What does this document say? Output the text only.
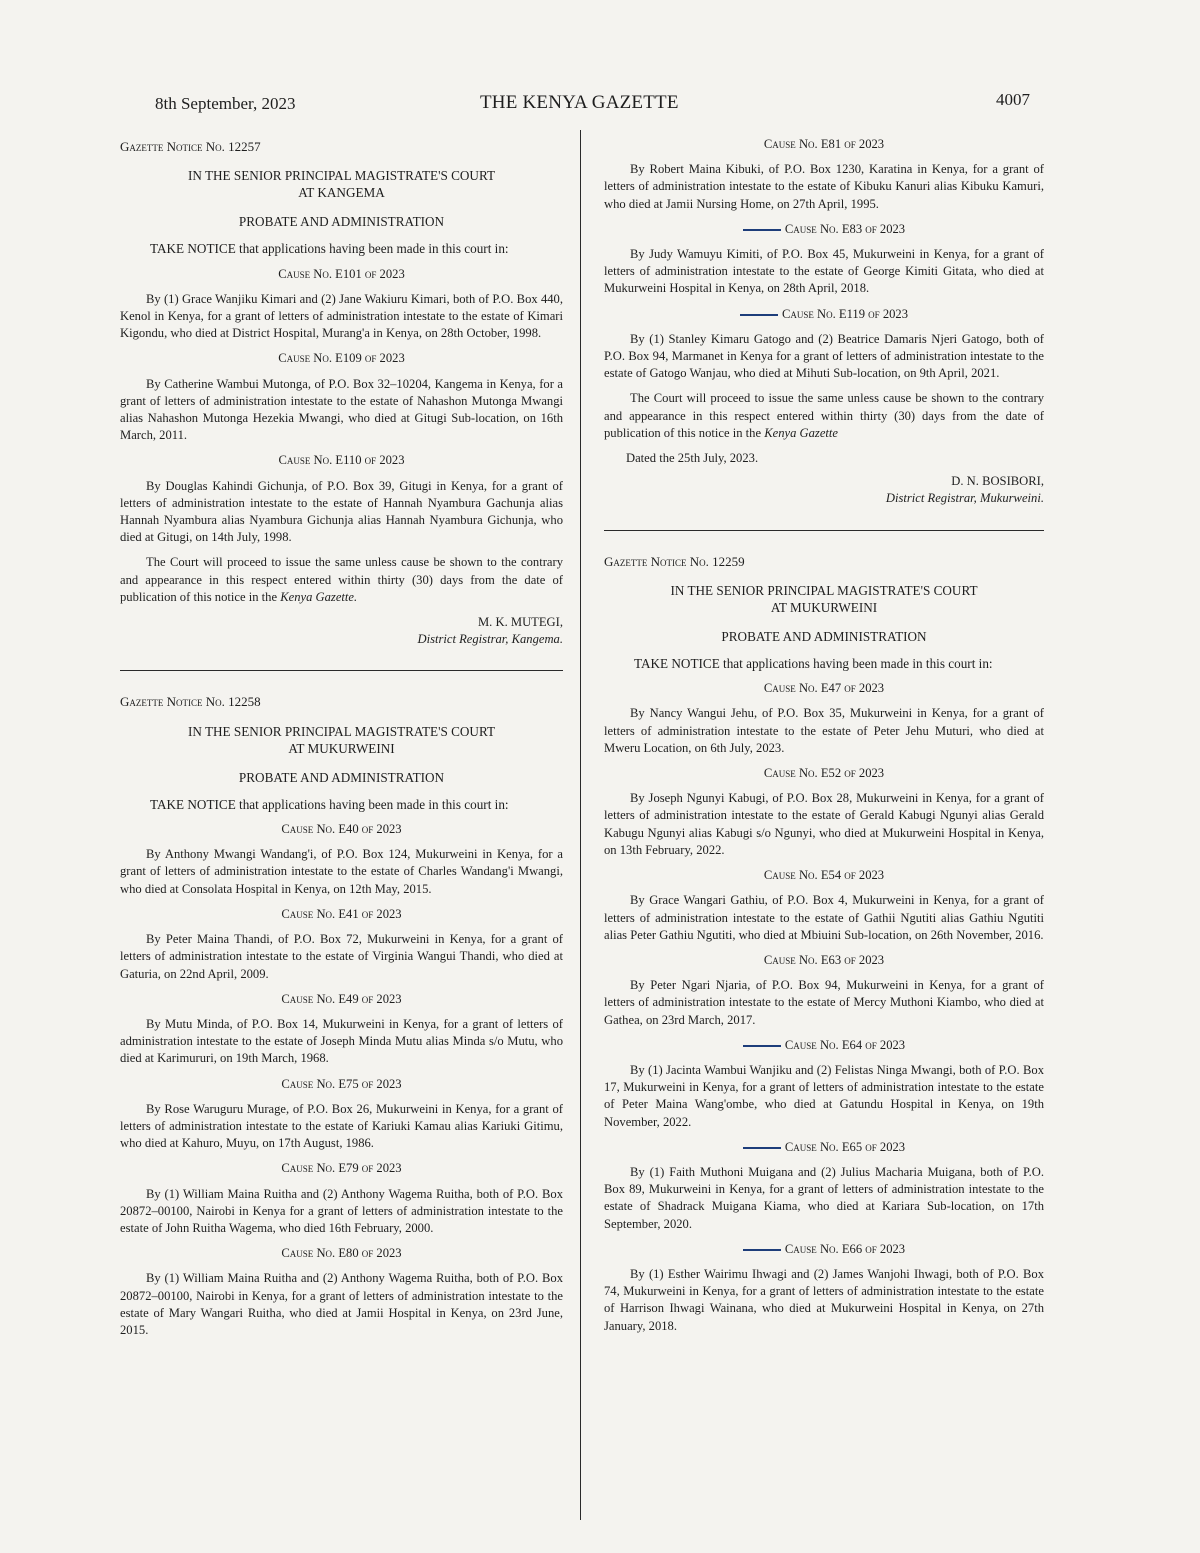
8th September, 2023	THE KENYA GAZETTE	4007
Gazette Notice No. 12257
IN THE SENIOR PRINCIPAL MAGISTRATE'S COURT
AT KANGEMA
PROBATE AND ADMINISTRATION

TAKE NOTICE that applications having been made in this court in:

Cause No. E101 of 2023

By (1) Grace Wanjiku Kimari and (2) Jane Wakiuru Kimari, both of P.O. Box 440, Kenol in Kenya, for a grant of letters of administration intestate to the estate of Kimari Kigondu, who died at District Hospital, Murang'a in Kenya, on 28th October, 1998.

Cause No. E109 of 2023

By Catherine Wambui Mutonga, of P.O. Box 32–10204, Kangema in Kenya, for a grant of letters of administration intestate to the estate of Nahashon Mutonga Mwangi alias Nahashon Mutonga Hezekia Mwangi, who died at Gitugi Sub-location, on 16th March, 2011.

Cause No. E110 of 2023

By Douglas Kahindi Gichunja, of P.O. Box 39, Gitugi in Kenya, for a grant of letters of administration intestate to the estate of Hannah Nyambura Gachunja alias Hannah Nyambura alias Nyambura Gichunja alias Hannah Nyambura Gichunja, who died at Gitugi, on 14th July, 1998.

The Court will proceed to issue the same unless cause be shown to the contrary and appearance in this respect entered within thirty (30) days from the date of publication of this notice in the Kenya Gazette.

M. K. MUTEGI,
District Registrar, Kangema.

Gazette Notice No. 12258
IN THE SENIOR PRINCIPAL MAGISTRATE'S COURT
AT MUKURWEINI
PROBATE AND ADMINISTRATION

TAKE NOTICE that applications having been made in this court in:

Cause No. E40 of 2023

By Anthony Mwangi Wandang'i, of P.O. Box 124, Mukurweini in Kenya, for a grant of letters of administration intestate to the estate of Charles Wandang'i Mwangi, who died at Consolata Hospital in Kenya, on 12th May, 2015.

Cause No. E41 of 2023

By Peter Maina Thandi, of P.O. Box 72, Mukurweini in Kenya, for a grant of letters of administration intestate to the estate of Virginia Wangui Thandi, who died at Gaturia, on 22nd April, 2009.

Cause No. E49 of 2023

By Mutu Minda, of P.O. Box 14, Mukurweini in Kenya, for a grant of letters of administration intestate to the estate of Joseph Minda Mutu alias Minda s/o Mutu, who died at Karimururi, on 19th March, 1968.

Cause No. E75 of 2023

By Rose Waruguru Murage, of P.O. Box 26, Mukurweini in Kenya, for a grant of letters of administration intestate to the estate of Kariuki Kamau alias Kariuki Gitimu, who died at Kahuro, Muyu, on 17th August, 1986.

Cause No. E79 of 2023

By (1) William Maina Ruitha and (2) Anthony Wagema Ruitha, both of P.O. Box 20872–00100, Nairobi in Kenya for a grant of letters of administration intestate to the estate of John Ruitha Wagema, who died 16th February, 2000.

Cause No. E80 of 2023

By (1) William Maina Ruitha and (2) Anthony Wagema Ruitha, both of P.O. Box 20872–00100, Nairobi in Kenya, for a grant of letters of administration intestate to the estate of Mary Wangari Ruitha, who died at Jamii Hospital in Kenya, on 23rd June, 2015.

Cause No. E81 of 2023

By Robert Maina Kibuki, of P.O. Box 1230, Karatina in Kenya, for a grant of letters of administration intestate to the estate of Kibuku Kanuri alias Kibuku Kamuri, who died at Jamii Nursing Home, on 27th April, 1995.

Cause No. E83 of 2023

By Judy Wamuyu Kimiti, of P.O. Box 45, Mukurweini in Kenya, for a grant of letters of administration intestate to the estate of George Kimiti Gitata, who died at Mukurweini Hospital in Kenya, on 28th April, 2018.

Cause No. E119 of 2023

By (1) Stanley Kimaru Gatogo and (2) Beatrice Damaris Njeri Gatogo, both of P.O. Box 94, Marmanet in Kenya for a grant of letters of administration intestate to the estate of Gatogo Wanjau, who died at Mihuti Sub-location, on 9th April, 2021.

The Court will proceed to issue the same unless cause be shown to the contrary and appearance in this respect entered within thirty (30) days from the date of publication of this notice in the Kenya Gazette

Dated the 25th July, 2023.

D. N. BOSIBORI,
District Registrar, Mukurweini.

Gazette Notice No. 12259
IN THE SENIOR PRINCIPAL MAGISTRATE'S COURT
AT MUKURWEINI
PROBATE AND ADMINISTRATION

TAKE NOTICE that applications having been made in this court in:

Cause No. E47 of 2023

By Nancy Wangui Jehu, of P.O. Box 35, Mukurweini in Kenya, for a grant of letters of administration intestate to the estate of Peter Jehu Muturi, who died at Mweru Location, on 6th July, 2023.

Cause No. E52 of 2023

By Joseph Ngunyi Kabugi, of P.O. Box 28, Mukurweini in Kenya, for a grant of letters of administration intestate to the estate of Gerald Kabugi Ngunyi alias Gerald Kabugu Ngunyi alias Kabugi s/o Ngunyi, who died at Mukurweini Hospital in Kenya, on 13th February, 2022.

Cause No. E54 of 2023

By Grace Wangari Gathiu, of P.O. Box 4, Mukurweini in Kenya, for a grant of letters of administration intestate to the estate of Gathii Ngutiti alias Gathiu Ngutiti alias Peter Gathiu Ngutiti, who died at Mbiuini Sub-location, on 26th November, 2016.

Cause No. E63 of 2023

By Peter Ngari Njaria, of P.O. Box 94, Mukurweini in Kenya, for a grant of letters of administration intestate to the estate of Mercy Muthoni Kiambo, who died at Gathea, on 23rd March, 2017.

Cause No. E64 of 2023

By (1) Jacinta Wambui Wanjiku and (2) Felistas Ninga Mwangi, both of P.O. Box 17, Mukurweini in Kenya, for a grant of letters of administration intestate to the estate of Peter Maina Wang'ombe, who died at Gatundu Hospital in Kenya, on 19th November, 2022.

Cause No. E65 of 2023

By (1) Faith Muthoni Muigana and (2) Julius Macharia Muigana, both of P.O. Box 89, Mukurweini in Kenya, for a grant of letters of administration intestate to the estate of Shadrack Muigana Kiama, who died at Kariara Sub-location, on 17th September, 2020.

Cause No. E66 of 2023

By (1) Esther Wairimu Ihwagi and (2) James Wanjohi Ihwagi, both of P.O. Box 74, Mukurweini in Kenya, for a grant of letters of administration intestate to the estate of Harrison Ihwagi Wainana, who died at Mukurweini Hospital in Kenya, on 27th January, 2018.
